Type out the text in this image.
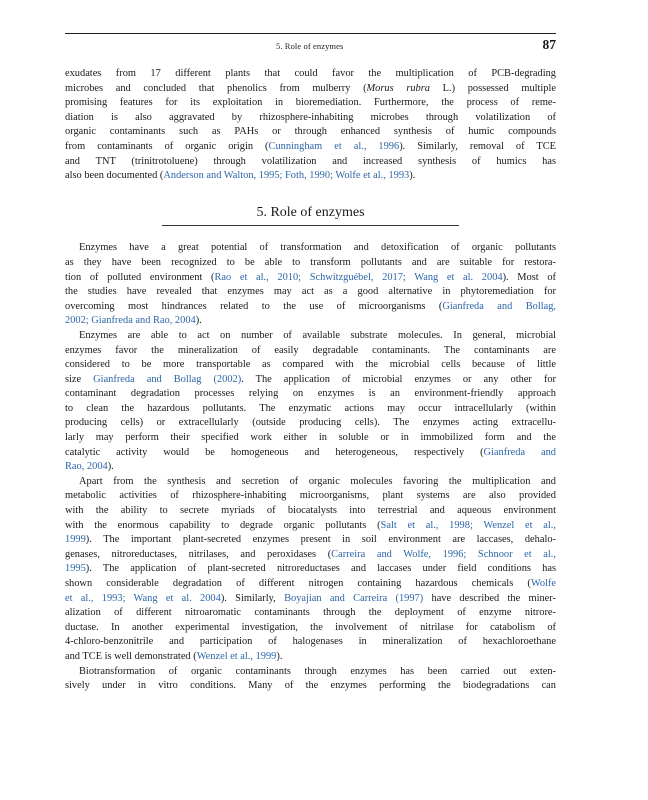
5. Role of enzymes	87
exudates from 17 different plants that could favor the multiplication of PCB-degrading
microbes and concluded that phenolics from mulberry (Morus rubra L.) possessed multiple
promising features for its exploitation in bioremediation. Furthermore, the process of reme-
diation is also aggravated by rhizosphere-inhabiting microbes through volatilization of
organic contaminants such as PAHs or through enhanced synthesis of humic compounds
from contaminants of organic origin (Cunningham et al., 1996). Similarly, removal of TCE
and TNT (trinitrotoluene) through volatilization and increased synthesis of humics has
also been documented (Anderson and Walton, 1995; Foth, 1990; Wolfe et al., 1993).
5. Role of enzymes
Enzymes have a great potential of transformation and detoxification of organic pollutants
as they have been recognized to be able to transform pollutants and are suitable for restora-
tion of polluted environment (Rao et al., 2010; Schwitzguébel, 2017; Wang et al. 2004). Most of
the studies have revealed that enzymes may act as a good alternative in phytoremediation for
overcoming most hindrances related to the use of microorganisms (Gianfreda and Bollag,
2002; Gianfreda and Rao, 2004).
Enzymes are able to act on number of available substrate molecules. In general, microbial
enzymes favor the mineralization of easily degradable contaminants. The contaminants are
considered to be more transportable as compared with the microbial cells because of little
size Gianfreda and Bollag (2002). The application of microbial enzymes or any other for
contaminant degradation processes relying on enzymes is an environment-friendly approach
to clean the hazardous pollutants. The enzymatic actions may occur intracellularly (within
producing cells) or extracellularly (outside producing cells). The enzymes acting extracellu-
larly may perform their specified work either in soluble or in immobilized form and the
catalytic activity would be homogeneous and heterogeneous, respectively (Gianfreda and
Rao, 2004).
Apart from the synthesis and secretion of organic molecules favoring the multiplication and
metabolic activities of rhizosphere-inhabiting microorganisms, plant systems are also provided
with the ability to secrete myriads of biocatalysts into terrestrial and aqueous environment
with the enormous capability to degrade organic pollutants (Salt et al., 1998; Wenzel et al.,
1999). The important plant-secreted enzymes present in soil environment are laccases, dehalo-
genases, nitroreductases, nitrilases, and peroxidases (Carreira and Wolfe, 1996; Schnoor et al.,
1995). The application of plant-secreted nitroreductases and laccases under field conditions has
shown considerable degradation of different nitrogen containing hazardous chemicals (Wolfe
et al., 1993; Wang et al. 2004). Similarly, Boyajian and Carreira (1997) have described the miner-
alization of different nitroaromatic contaminants through the deployment of enzyme nitrore-
ductase. In another experimental investigation, the involvement of nitrilase for catabolism of
4-chloro-benzonitrile and participation of halogenases in mineralization of hexachloroethane
and TCE is well demonstrated (Wenzel et al., 1999).
Biotransformation of organic contaminants through enzymes has been carried out exten-
sively under in vitro conditions. Many of the enzymes performing the biodegradations can
